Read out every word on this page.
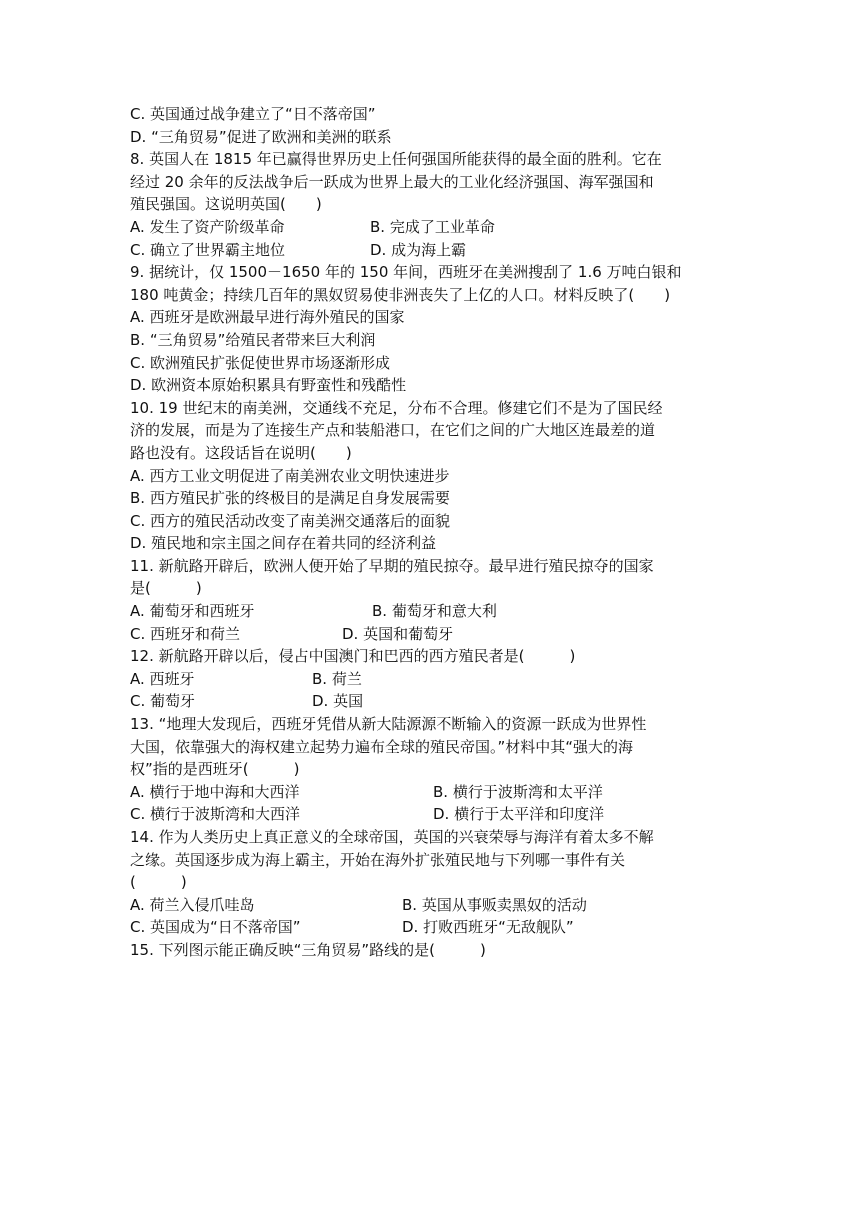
C. 英国通过战争建立了“日不落帝国”
D. “三角贸易”促进了欧洲和美洲的联系
8. 英国人在 1815 年已赢得世界历史上任何强国所能获得的最全面的胜利。它在
经过 20 余年的反法战争后一跃成为世界上最大的工业化经济强国、海军强国和
殖民强国。这说明英国(　　)
A. 发生了资产阶级革命	B. 完成了工业革命
C. 确立了世界霸主地位	D. 成为海上霸
9. 据统计，仅 1500－1650 年的 150 年间，西班牙在美洲搜刮了 1.6 万吨白银和
180 吨黄金；持续几百年的黑奴贸易使非洲丧失了上亿的人口。材料反映了(　　)
A. 西班牙是欧洲最早进行海外殖民的国家
B. “三角贸易”给殖民者带来巨大利润
C. 欧洲殖民扩张促使世界市场逐渐形成
D. 欧洲资本原始积累具有野蛮性和残酷性
10. 19 世纪末的南美洲，交通线不充足，分布不合理。修建它们不是为了国民经
济的发展，而是为了连接生产点和装船港口，在它们之间的广大地区连最差的道
路也没有。这段话旨在说明(　　)
A. 西方工业文明促进了南美洲农业文明快速进步
B. 西方殖民扩张的终极目的是满足自身发展需要
C. 西方的殖民活动改变了南美洲交通落后的面貌
D. 殖民地和宗主国之间存在着共同的经济利益
11. 新航路开辟后，欧洲人便开始了早期的殖民掠夺。最早进行殖民掠夺的国家
是(　　　)
A. 葡萄牙和西班牙	B. 葡萄牙和意大利
C. 西班牙和荷兰	D. 英国和葡萄牙
12. 新航路开辟以后，侵占中国澳门和巴西的西方殖民者是(　　　)
A. 西班牙	B. 荷兰
C. 葡萄牙	D. 英国
13. “地理大发现后，西班牙凭借从新大陆源源不断输入的资源一跃成为世界性
大国，依靠强大的海权建立起势力遍布全球的殖民帝国。”材料中其“强大的海
权”指的是西班牙(　　　)
A. 横行于地中海和大西洋	B. 横行于波斯湾和太平洋
C. 横行于波斯湾和大西洋	D. 横行于太平洋和印度洋
14. 作为人类历史上真正意义的全球帝国，英国的兴衰荣辱与海洋有着太多不解
之缘。英国逐步成为海上霸主，开始在海外扩张殖民地与下列哪一事件有关
(　　　)
A. 荷兰入侵爪哇岛	B. 英国从事贩卖黑奴的活动
C. 英国成为“日不落帝国”	D. 打败西班牙“无敌舰队”
15. 下列图示能正确反映“三角贸易”路线的是(　　　)
